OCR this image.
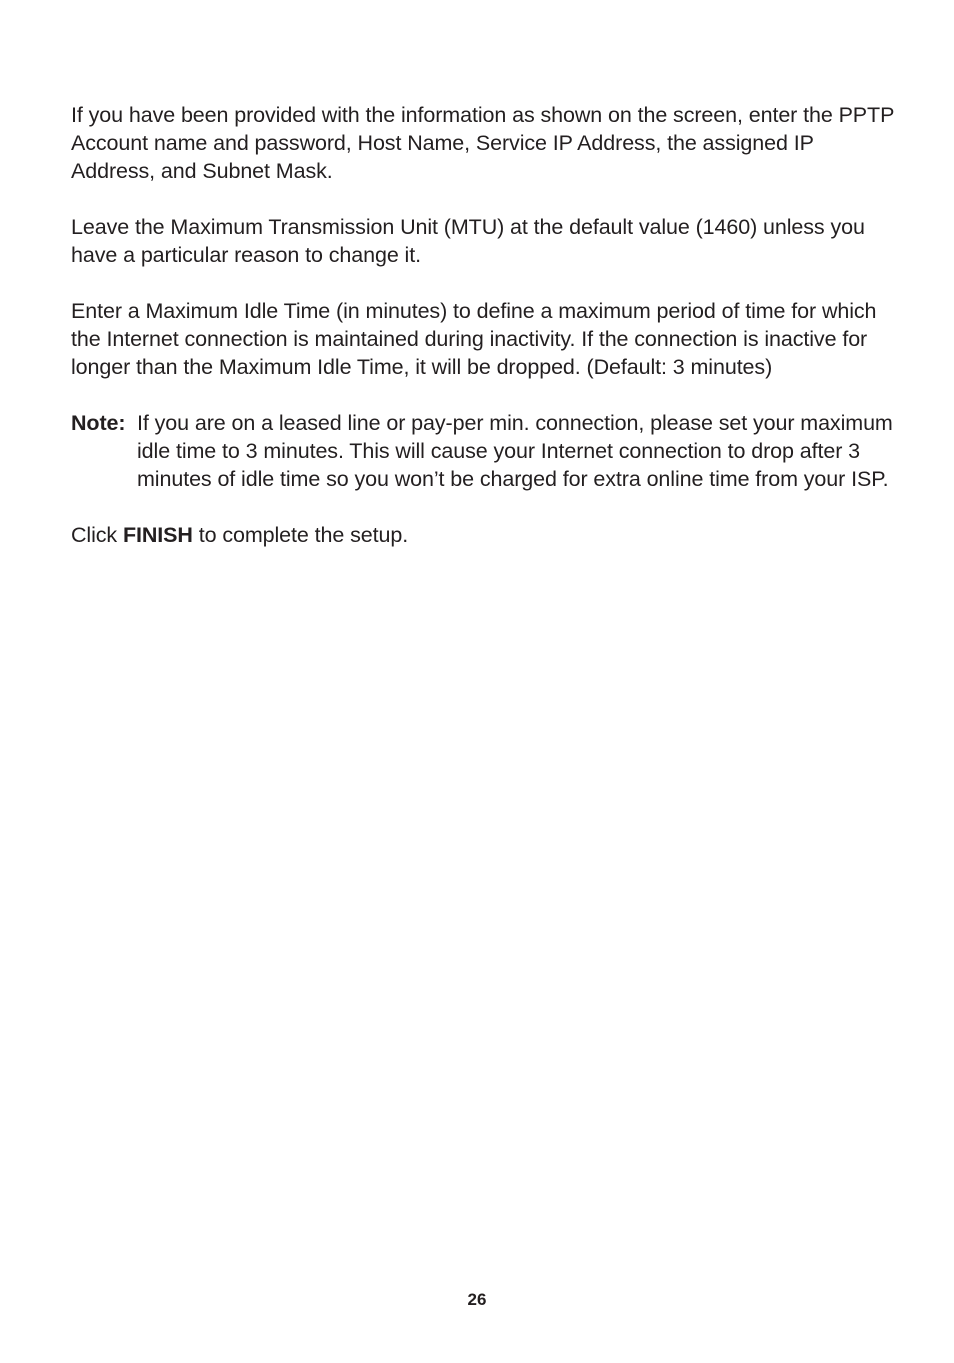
If you have been provided with the information as shown on the screen, enter the PPTP Account name and password, Host Name, Service IP Address, the assigned IP Address, and Subnet Mask.

Leave the Maximum Transmission Unit (MTU) at the default value (1460) unless you have a particular reason to change it.

Enter a Maximum Idle Time (in minutes) to define a maximum period of time for which the Internet connection is maintained during inactivity. If the connection is inactive for longer than the Maximum Idle Time, it will be dropped. (Default: 3 minutes)

Note: If you are on a leased line or pay-per min. connection, please set your maximum idle time to 3 minutes. This will cause your Internet connection to drop after 3 minutes of idle time so you won’t be charged for extra online time from your ISP.

Click FINISH to complete the setup.

26
